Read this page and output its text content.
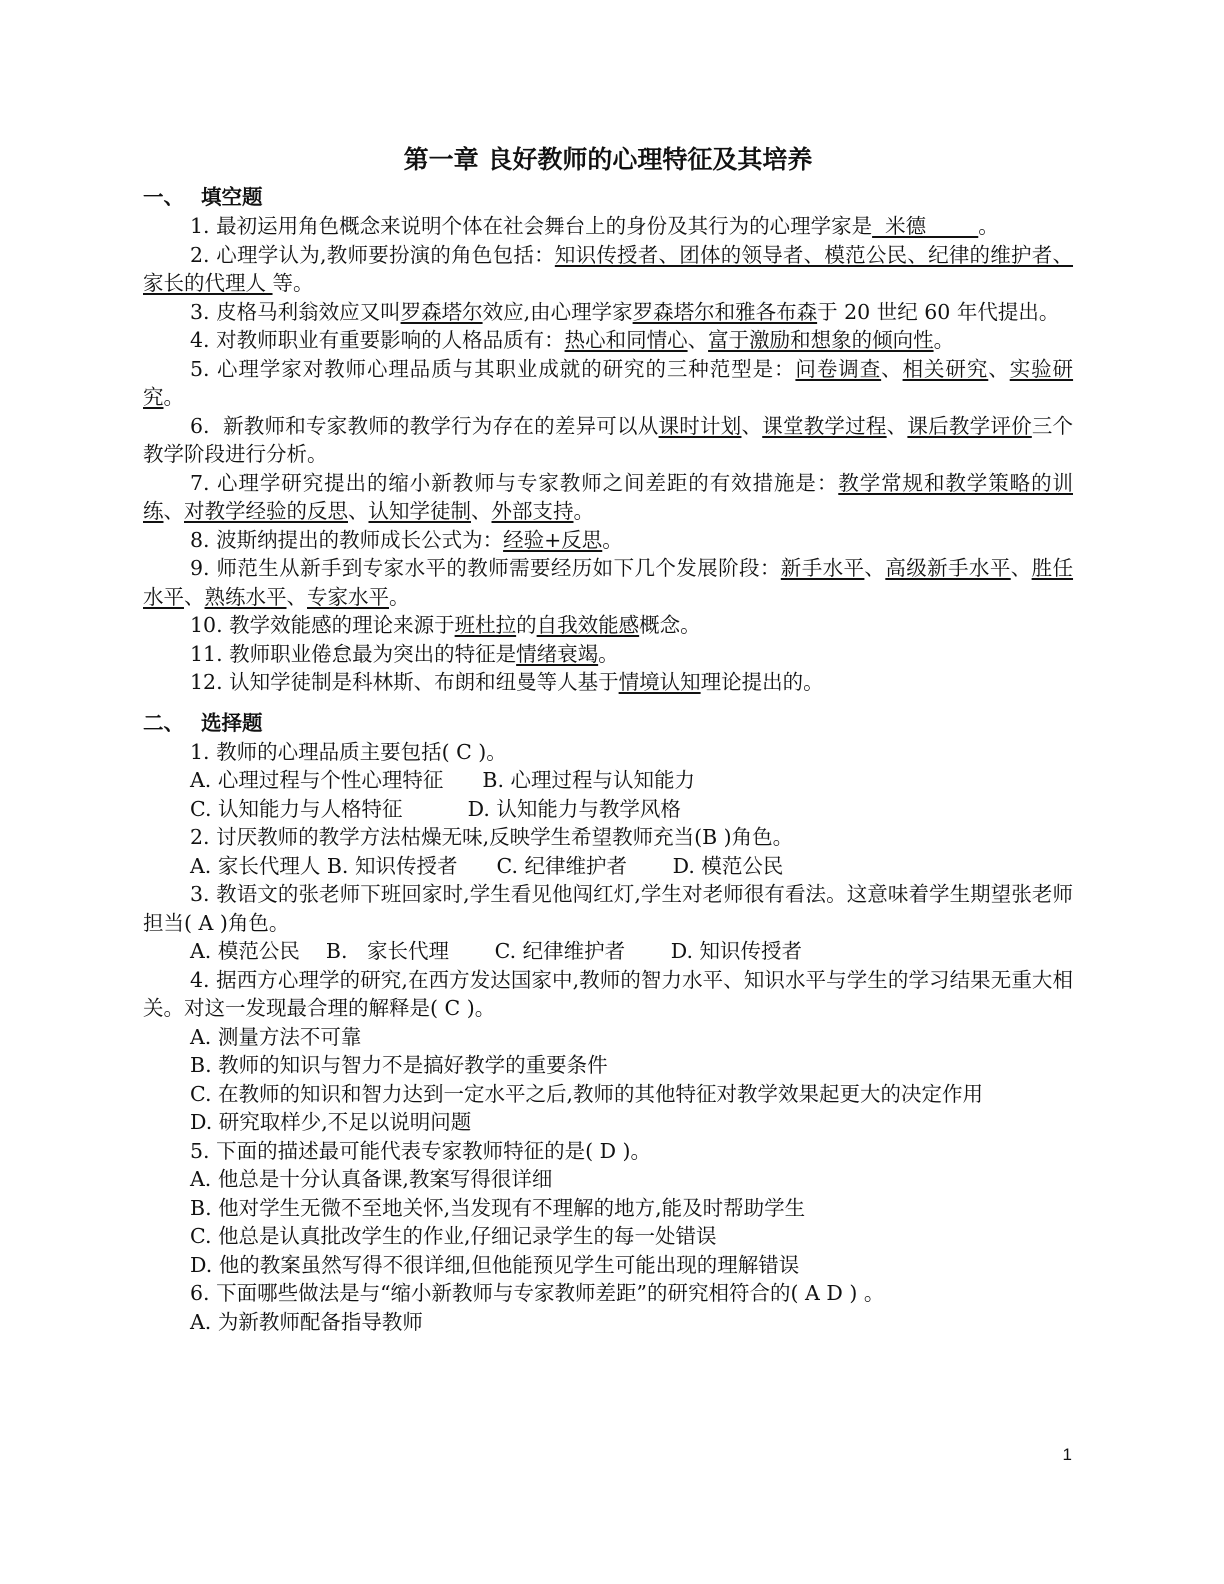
第一章 良好教师的心理特征及其培养
一、 填空题

1. 最初运用角色概念来说明个体在社会舞台上的身份及其行为的心理学家是  米德        。

2. 心理学认为,教师要扮演的角色包括：知识传授者、团体的领导者、模范公民、纪律的维护者、家长的代理人 等。

3. 皮格马利翁效应又叫罗森塔尔效应,由心理学家罗森塔尔和雅各布森于 20 世纪 60 年代提出。

4. 对教师职业有重要影响的人格品质有：热心和同情心、富于激励和想象的倾向性。

5. 心理学家对教师心理品质与其职业成就的研究的三种范型是：问卷调查、相关研究、实验研究。

6.  新教师和专家教师的教学行为存在的差异可以从课时计划、课堂教学过程、课后教学评价三个教学阶段进行分析。

7. 心理学研究提出的缩小新教师与专家教师之间差距的有效措施是：教学常规和教学策略的训练、对教学经验的反思、认知学徒制、外部支持。

8. 波斯纳提出的教师成长公式为：经验+反思。

9. 师范生从新手到专家水平的教师需要经历如下几个发展阶段：新手水平、高级新手水平、胜任水平、熟练水平、专家水平。

10. 教学效能感的理论来源于班杜拉的自我效能感概念。

11. 教师职业倦怠最为突出的特征是情绪衰竭。

12. 认知学徒制是科林斯、布朗和纽曼等人基于情境认知理论提出的。

二、 选择题

1. 教师的心理品质主要包括( C )。

A. 心理过程与个性心理特征      B. 心理过程与认知能力

C. 认知能力与人格特征          D. 认知能力与教学风格

2. 讨厌教师的教学方法枯燥无味,反映学生希望教师充当(B )角色。

A. 家长代理人 B. 知识传授者      C. 纪律维护者       D. 模范公民

3. 教语文的张老师下班回家时,学生看见他闯红灯,学生对老师很有看法。这意味着学生期望张老师担当( A )角色。

A. 模范公民    B.   家长代理       C. 纪律维护者       D. 知识传授者

4. 据西方心理学的研究,在西方发达国家中,教师的智力水平、知识水平与学生的学习结果无重大相关。对这一发现最合理的解释是( C )。

A. 测量方法不可靠

B. 教师的知识与智力不是搞好教学的重要条件

C. 在教师的知识和智力达到一定水平之后,教师的其他特征对教学效果起更大的决定作用

D. 研究取样少,不足以说明问题

5. 下面的描述最可能代表专家教师特征的是( D )。

A. 他总是十分认真备课,教案写得很详细

B. 他对学生无微不至地关怀,当发现有不理解的地方,能及时帮助学生

C. 他总是认真批改学生的作业,仔细记录学生的每一处错误

D. 他的教案虽然写得不很详细,但他能预见学生可能出现的理解错误

6. 下面哪些做法是与“缩小新教师与专家教师差距”的研究相符合的( A D ) 。

A. 为新教师配备指导教师

1
